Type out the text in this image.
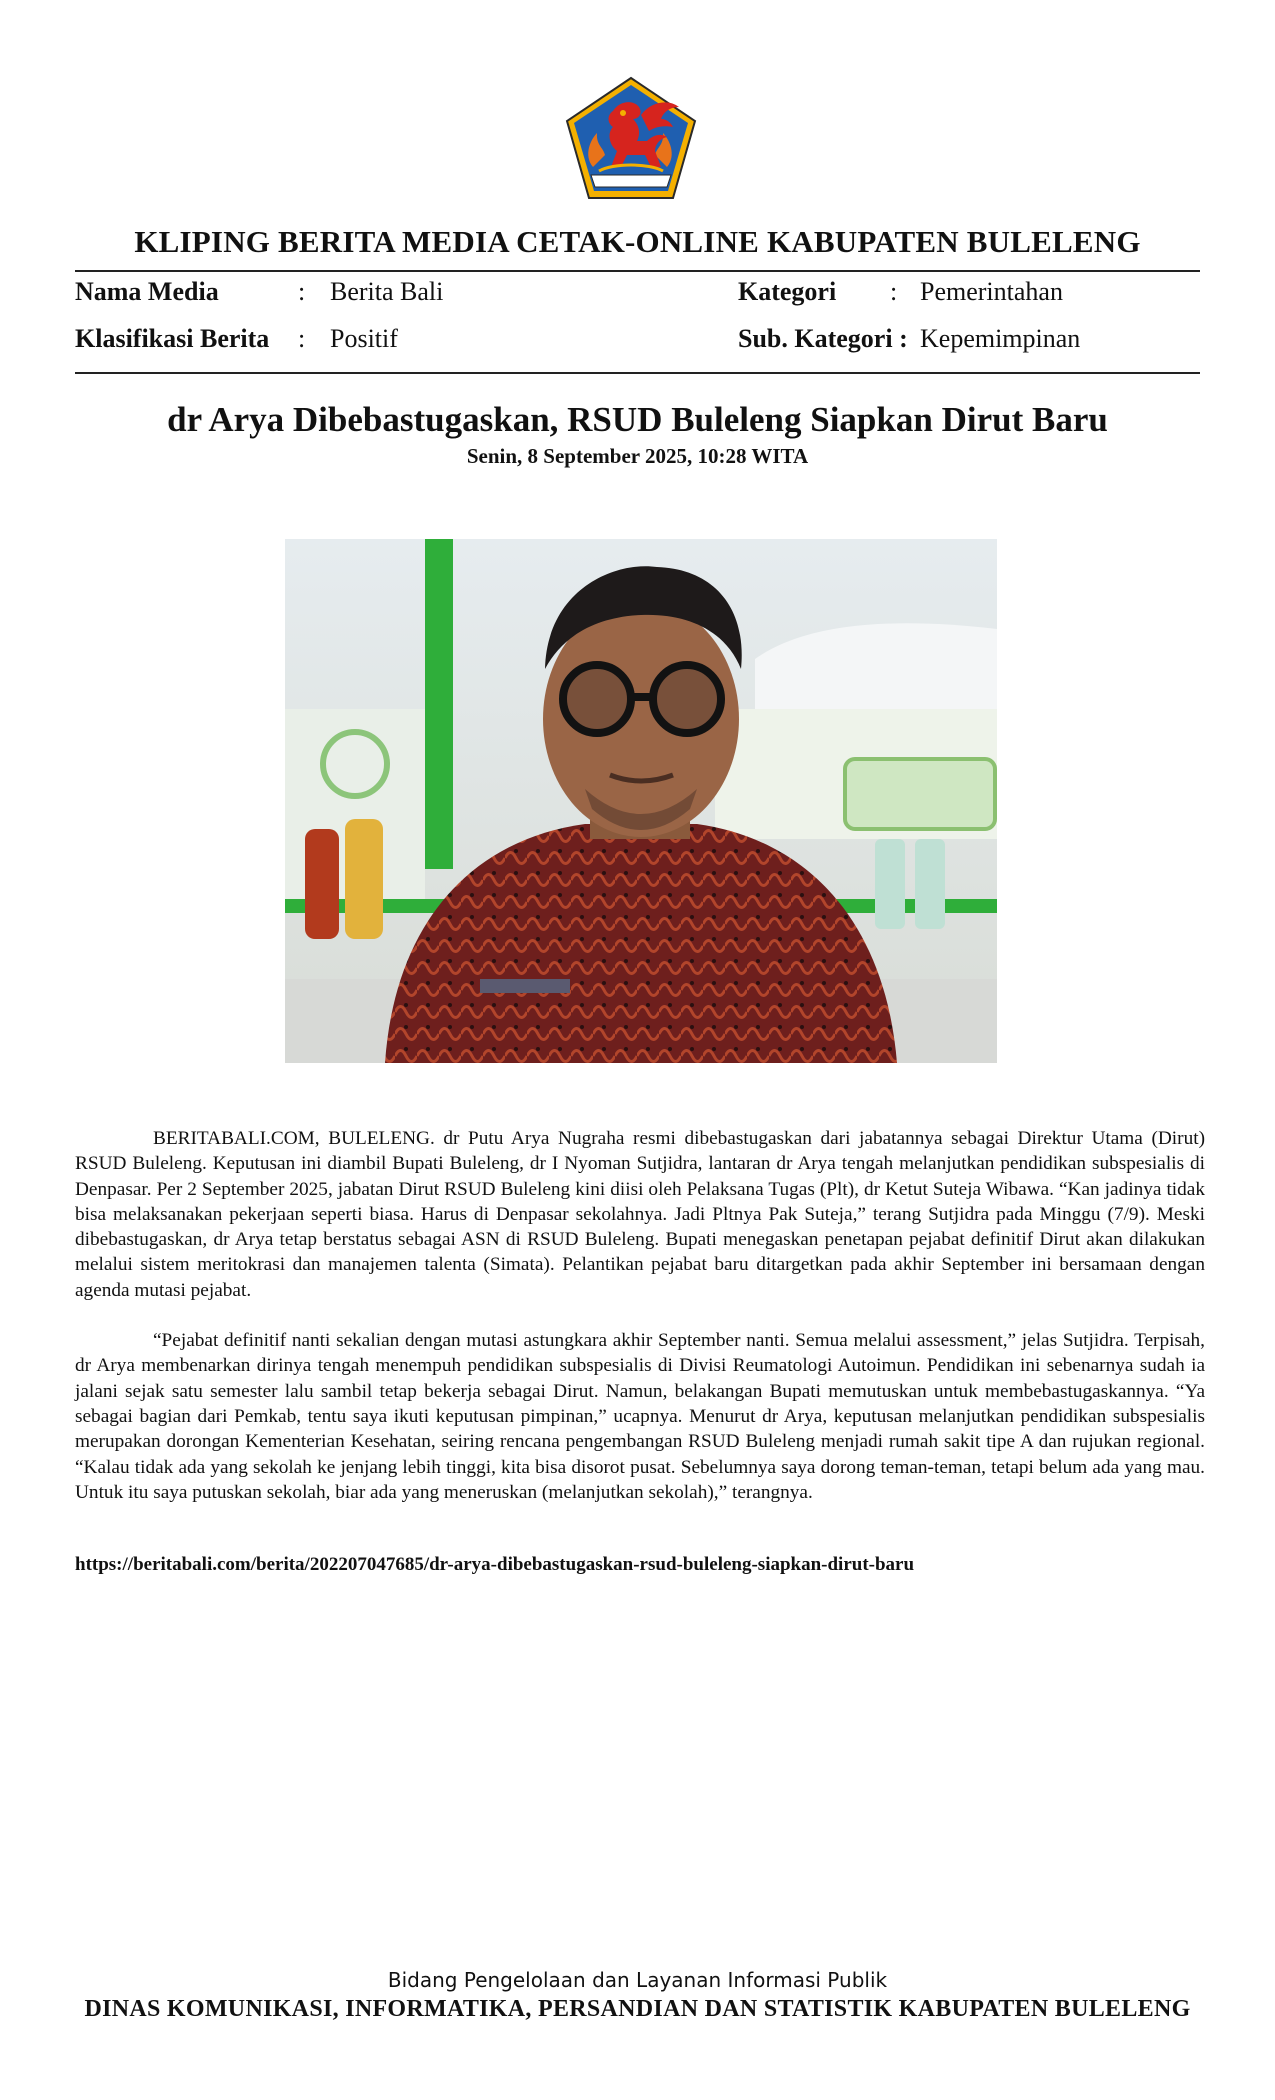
KLIPING BERITA MEDIA CETAK-ONLINE KABUPATEN BULELENG
Nama Media	: Berita Bali	Kategori : Pemerintahan
Klasifikasi Berita : Positif	Sub. Kategori : Kepemimpinan
dr Arya Dibebastugaskan, RSUD Buleleng Siapkan Dirut Baru
Senin, 8 September 2025, 10:28 WITA

BERITABALI.COM, BULELENG. dr Putu Arya Nugraha resmi dibebastugaskan dari jabatannya sebagai Direktur Utama (Dirut) RSUD Buleleng. Keputusan ini diambil Bupati Buleleng, dr I Nyoman Sutjidra, lantaran dr Arya tengah melanjutkan pendidikan subspesialis di Denpasar. Per 2 September 2025, jabatan Dirut RSUD Buleleng kini diisi oleh Pelaksana Tugas (Plt), dr Ketut Suteja Wibawa. “Kan jadinya tidak bisa melaksanakan pekerjaan seperti biasa. Harus di Denpasar sekolahnya. Jadi Pltnya Pak Suteja,” terang Sutjidra pada Minggu (7/9). Meski dibebastugaskan, dr Arya tetap berstatus sebagai ASN di RSUD Buleleng. Bupati menegaskan penetapan pejabat definitif Dirut akan dilakukan melalui sistem meritokrasi dan manajemen talenta (Simata). Pelantikan pejabat baru ditargetkan pada akhir September ini bersamaan dengan agenda mutasi pejabat.

“Pejabat definitif nanti sekalian dengan mutasi astungkara akhir September nanti. Semua melalui assessment,” jelas Sutjidra. Terpisah, dr Arya membenarkan dirinya tengah menempuh pendidikan subspesialis di Divisi Reumatologi Autoimun. Pendidikan ini sebenarnya sudah ia jalani sejak satu semester lalu sambil tetap bekerja sebagai Dirut. Namun, belakangan Bupati memutuskan untuk membebastugaskannya. “Ya sebagai bagian dari Pemkab, tentu saya ikuti keputusan pimpinan,” ucapnya. Menurut dr Arya, keputusan melanjutkan pendidikan subspesialis merupakan dorongan Kementerian Kesehatan, seiring rencana pengembangan RSUD Buleleng menjadi rumah sakit tipe A dan rujukan regional. “Kalau tidak ada yang sekolah ke jenjang lebih tinggi, kita bisa disorot pusat. Sebelumnya saya dorong teman-teman, tetapi belum ada yang mau. Untuk itu saya putuskan sekolah, biar ada yang meneruskan (melanjutkan sekolah),” terangnya.

https://beritabali.com/berita/202207047685/dr-arya-dibebastugaskan-rsud-buleleng-siapkan-dirut-baru
Bidang Pengelolaan dan Layanan Informasi Publik
DINAS KOMUNIKASI, INFORMATIKA, PERSANDIAN DAN STATISTIK KABUPATEN BULELENG
